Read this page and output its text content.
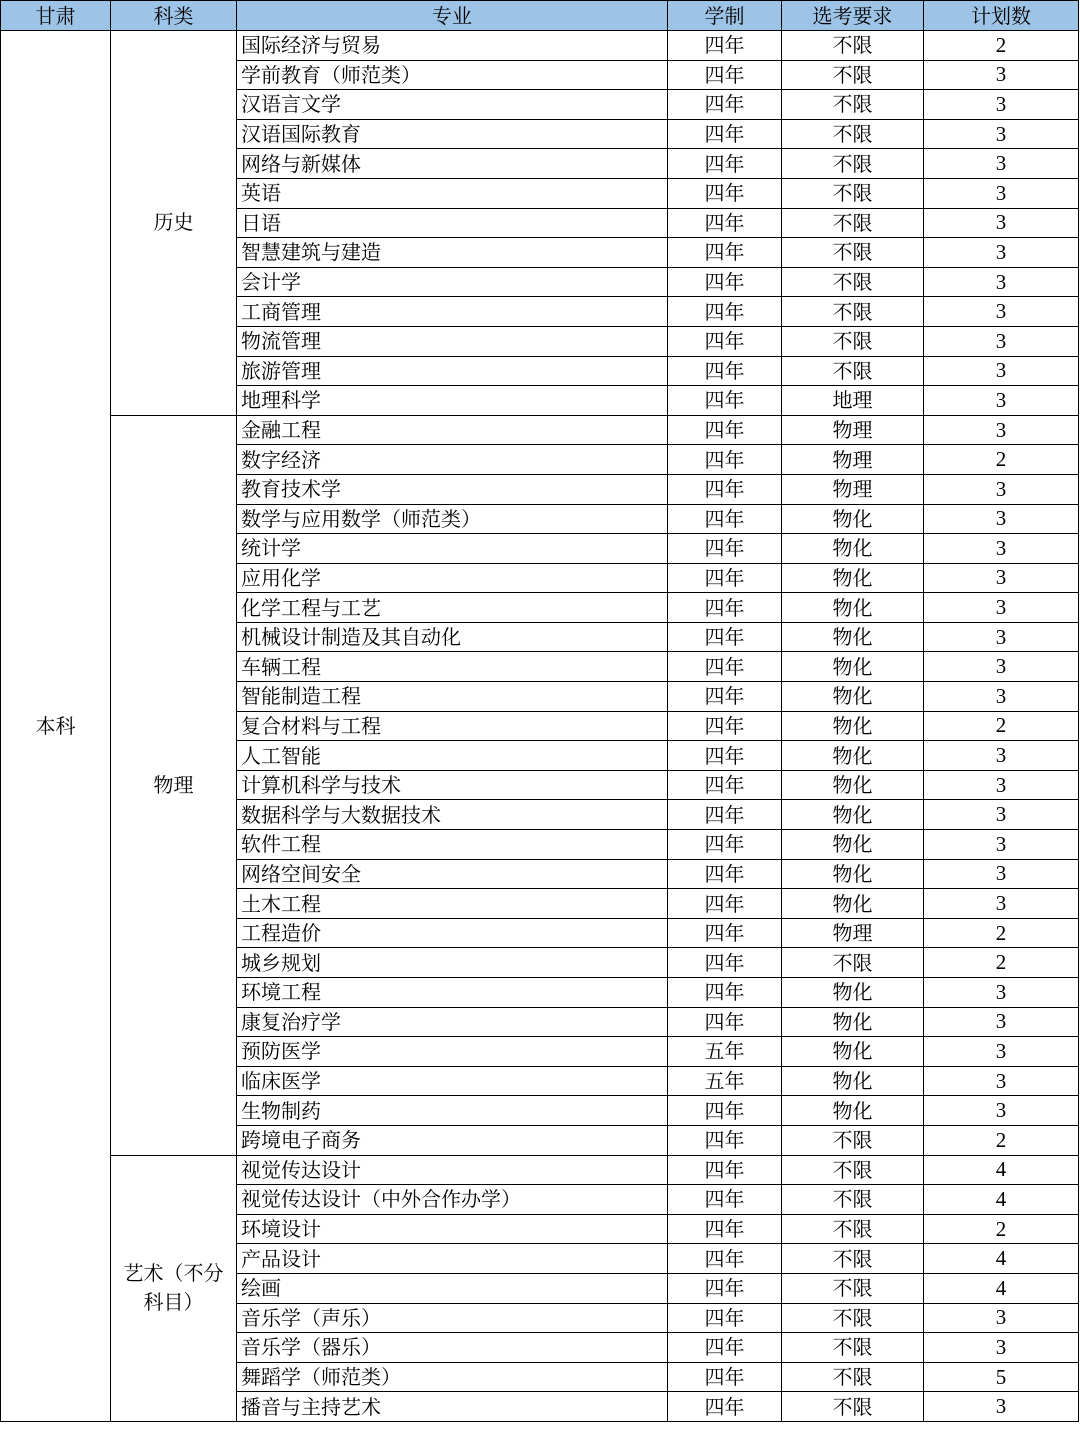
甘肃	科类	专业	学制	选考要求	计划数
本科	历史	国际经济与贸易	四年	不限	2
		学前教育（师范类）	四年	不限	3
		汉语言文学	四年	不限	3
		汉语国际教育	四年	不限	3
		网络与新媒体	四年	不限	3
		英语	四年	不限	3
		日语	四年	不限	3
		智慧建筑与建造	四年	不限	3
		会计学	四年	不限	3
		工商管理	四年	不限	3
		物流管理	四年	不限	3
		旅游管理	四年	不限	3
		地理科学	四年	地理	3
	物理	金融工程	四年	物理	3
		数字经济	四年	物理	2
		教育技术学	四年	物理	3
		数学与应用数学（师范类）	四年	物化	3
		统计学	四年	物化	3
		应用化学	四年	物化	3
		化学工程与工艺	四年	物化	3
		机械设计制造及其自动化	四年	物化	3
		车辆工程	四年	物化	3
		智能制造工程	四年	物化	3
		复合材料与工程	四年	物化	2
		人工智能	四年	物化	3
		计算机科学与技术	四年	物化	3
		数据科学与大数据技术	四年	物化	3
		软件工程	四年	物化	3
		网络空间安全	四年	物化	3
		土木工程	四年	物化	3
		工程造价	四年	物理	2
		城乡规划	四年	不限	2
		环境工程	四年	物化	3
		康复治疗学	四年	物化	3
		预防医学	五年	物化	3
		临床医学	五年	物化	3
		生物制药	四年	物化	3
		跨境电子商务	四年	不限	2
	艺术（不分科目）	视觉传达设计	四年	不限	4
		视觉传达设计（中外合作办学）	四年	不限	4
		环境设计	四年	不限	2
		产品设计	四年	不限	4
		绘画	四年	不限	4
		音乐学（声乐）	四年	不限	3
		音乐学（器乐）	四年	不限	3
		舞蹈学（师范类）	四年	不限	5
		播音与主持艺术	四年	不限	3
